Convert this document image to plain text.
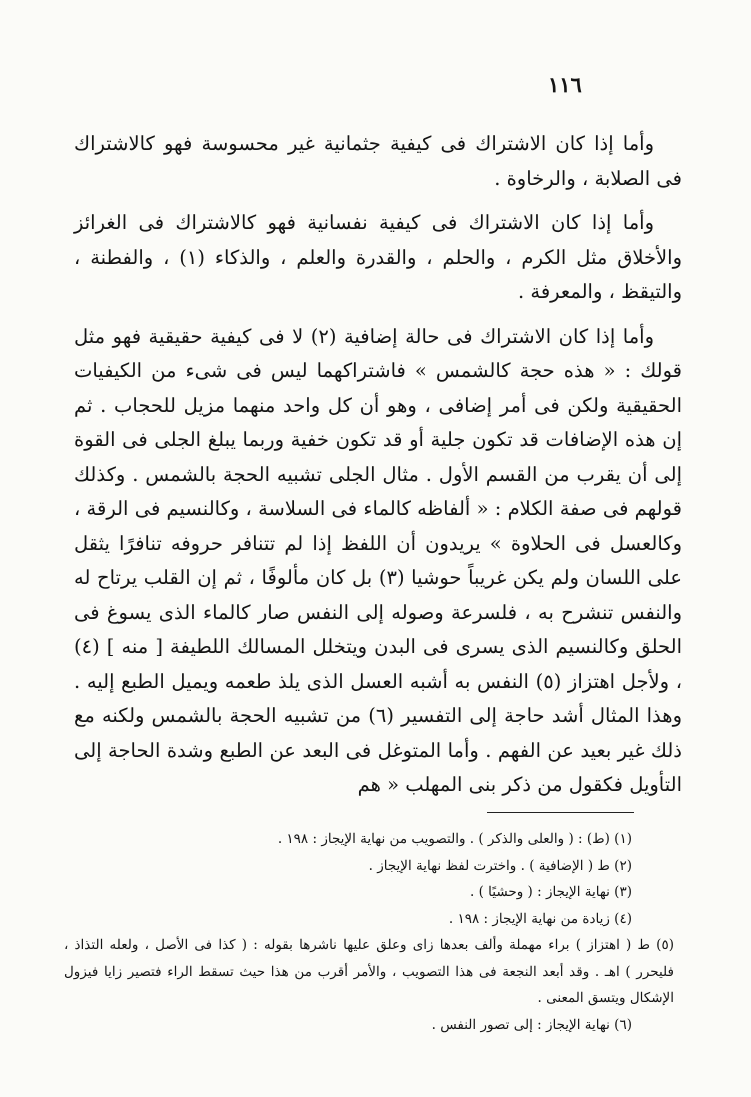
١١٦

وأما إذا كان الاشتراك فى كيفية جثمانية غير محسوسة فهو كالاشتراك فى الصلابة ، والرخاوة .

وأما إذا كان الاشتراك فى كيفية نفسانية فهو كالاشتراك فى الغرائز والأخلاق مثل الكرم ، والحلم ، والقدرة والعلم ، والذكاء (١) ، والفطنة ، والتيقظ ، والمعرفة .

وأما إذا كان الاشتراك فى حالة إضافية (٢) لا فى كيفية حقيقية فهو مثل قولك : « هذه حجة كالشمس » فاشتراكهما ليس فى شىء من الكيفيات الحقيقية ولكن فى أمر إضافى ، وهو أن كل واحد منهما مزيل للحجاب . ثم إن هذه الإضافات قد تكون جلية أو قد تكون خفية وربما يبلغ الجلى فى القوة إلى أن يقرب من القسم الأول . مثال الجلى تشبيه الحجة بالشمس . وكذلك قولهم فى صفة الكلام : « ألفاظه كالماء فى السلاسة ، وكالنسيم فى الرقة ، وكالعسل فى الحلاوة » يريدون أن اللفظ إذا لم تتنافر حروفه تنافرًا يثقل على اللسان ولم يكن غريباً حوشيا (٣) بل كان مألوفًا ، ثم إن القلب يرتاح له والنفس تنشرح به ، فلسرعة وصوله إلى النفس صار كالماء الذى يسوغ فى الحلق وكالنسيم الذى يسرى فى البدن ويتخلل المسالك اللطيفة [ منه ] (٤) ، ولأجل اهتزاز (٥) النفس به أشبه العسل الذى يلذ طعمه ويميل الطبع إليه . وهذا المثال أشد حاجة إلى التفسير (٦) من تشبيه الحجة بالشمس ولكنه مع ذلك غير بعيد عن الفهم . وأما المتوغل فى البعد عن الطبع وشدة الحاجة إلى التأويل فكقول من ذكر بنى المهلب « هم

(١) (ط) : ( والعلى والذكر ) . والتصويب من نهاية الإيجاز : ١٩٨ .

(٢) ط ( الإضافية ) . واخترت لفظ نهاية الإيجاز .

(٣) نهاية الإيجاز : ( وحشيًا ) .

(٤) زيادة من نهاية الإيجاز : ١٩٨ .

(٥) ط ( اهتزاز ) براء مهملة وألف بعدها زاى وعلق عليها ناشرها بقوله : ( كذا فى الأصل ، ولعله التذاذ ، فليحرر ) اهـ . وقد أبعد النجعة فى هذا التصويب ، والأمر أقرب من هذا حيث تسقط الراء فتصير زايا فيزول الإشكال ويتسق المعنى .

(٦) نهاية الإيجاز : إلى تصور النفس .
